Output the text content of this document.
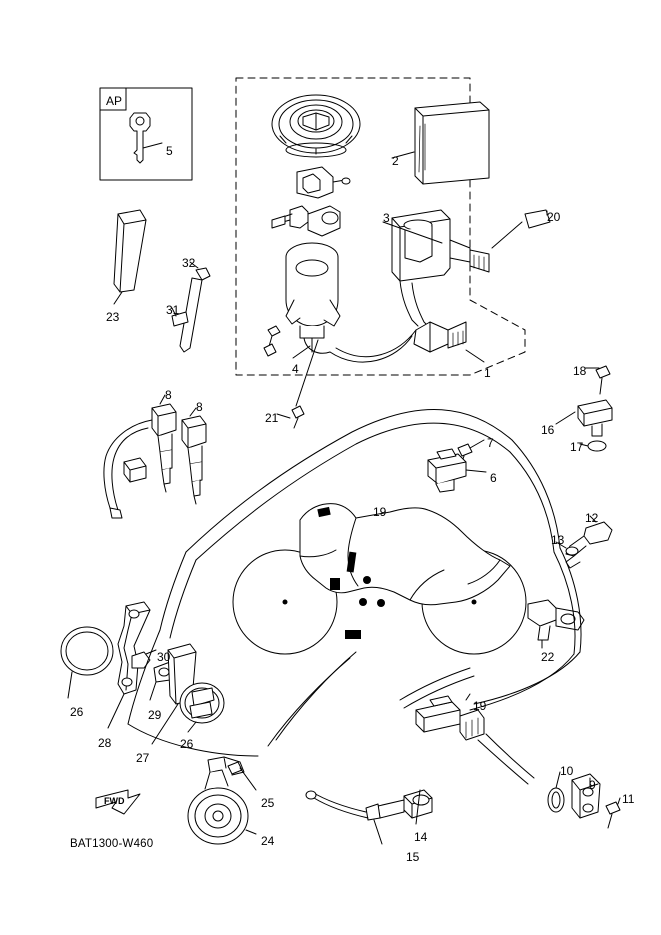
AP
FWD
BAT1300-W460
5
2
20
3
32
31
23
4	1	18
8
8
21
16
7	17
6
19	12
13
22
30
26	29
19
28
27
26
10
9
11
25
24	14
15
